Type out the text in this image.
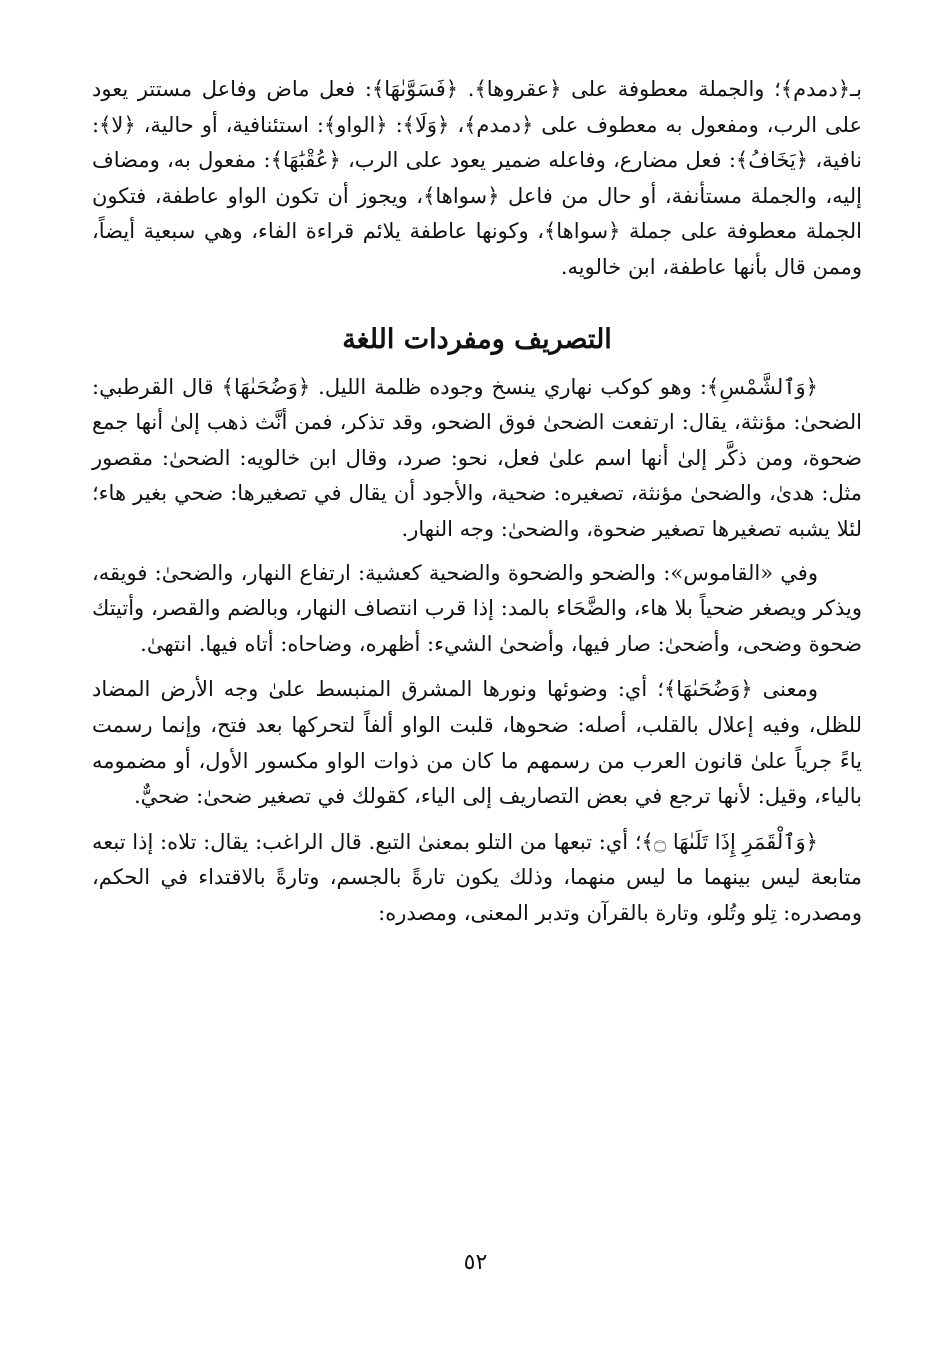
بـ﴿دمدم﴾؛ والجملة معطوفة على ﴿عقروها﴾. ﴿فَسَوَّىٰهَا﴾: فعل ماض وفاعل مستتر يعود على الرب، ومفعول به معطوف على ﴿دمدم﴾، ﴿وَلَا﴾: ﴿الواو﴾: استئنافية، أو حالية، ﴿لا﴾: نافية، ﴿يَخَافُ﴾: فعل مضارع، وفاعله ضمير يعود على الرب، ﴿عُقْبَٰهَا﴾: مفعول به، ومضاف إليه، والجملة مستأنفة، أو حال من فاعل ﴿سواها﴾، ويجوز أن تكون الواو عاطفة، فتكون الجملة معطوفة على جملة ﴿سواها﴾، وكونها عاطفة يلائم قراءة الفاء، وهي سبعية أيضاً، وممن قال بأنها عاطفة، ابن خالويه.

التصريف ومفردات اللغة

﴿وَٱلشَّمْسِ﴾: وهو كوكب نهاري ينسخ وجوده ظلمة الليل. ﴿وَضُحَىٰهَا﴾ قال القرطبي: الضحىٰ: مؤنثة، يقال: ارتفعت الضحىٰ فوق الضحو، وقد تذكر، فمن أنَّث ذهب إلىٰ أنها جمع ضحوة، ومن ذكَّر إلىٰ أنها اسم علىٰ فعل، نحو: صرد، وقال ابن خالويه: الضحىٰ: مقصور مثل: هدىٰ، والضحىٰ مؤنثة، تصغيره: ضحية، والأجود أن يقال في تصغيرها: ضحي بغير هاء؛ لئلا يشبه تصغيرها تصغير ضحوة، والضحىٰ: وجه النهار.

وفي «القاموس»: والضحو والضحوة والضحية كعشية: ارتفاع النهار، والضحىٰ: فويقه، ويذكر ويصغر ضحياً بلا هاء، والضَّحَاء بالمد: إذا قرب انتصاف النهار، وبالضم والقصر، وأتيتك ضحوة وضحى، وأضحىٰ: صار فيها، وأضحىٰ الشيء: أظهره، وضاحاه: أتاه فيها. انتهىٰ.

ومعنى ﴿وَضُحَىٰهَا﴾؛ أي: وضوئها ونورها المشرق المنبسط علىٰ وجه الأرض المضاد للظل، وفيه إعلال بالقلب، أصله: ضحوها، قلبت الواو ألفاً لتحركها بعد فتح، وإنما رسمت ياءً جرياً علىٰ قانون العرب من رسمهم ما كان من ذوات الواو مكسور الأول، أو مضمومه بالياء، وقيل: لأنها ترجع في بعض التصاريف إلى الياء، كقولك في تصغير ضحىٰ: ضحيٌّ.

﴿وَٱلْقَمَرِ إِذَا تَلَىٰهَا ۝﴾؛ أي: تبعها من التلو بمعنىٰ التبع. قال الراغب: يقال: تلاه: إذا تبعه متابعة ليس بينهما ما ليس منهما، وذلك يكون تارةً بالجسم، وتارةً بالاقتداء في الحكم، ومصدره: تِلو وتُلو، وتارة بالقرآن وتدبر المعنى، ومصدره:

٥٢
